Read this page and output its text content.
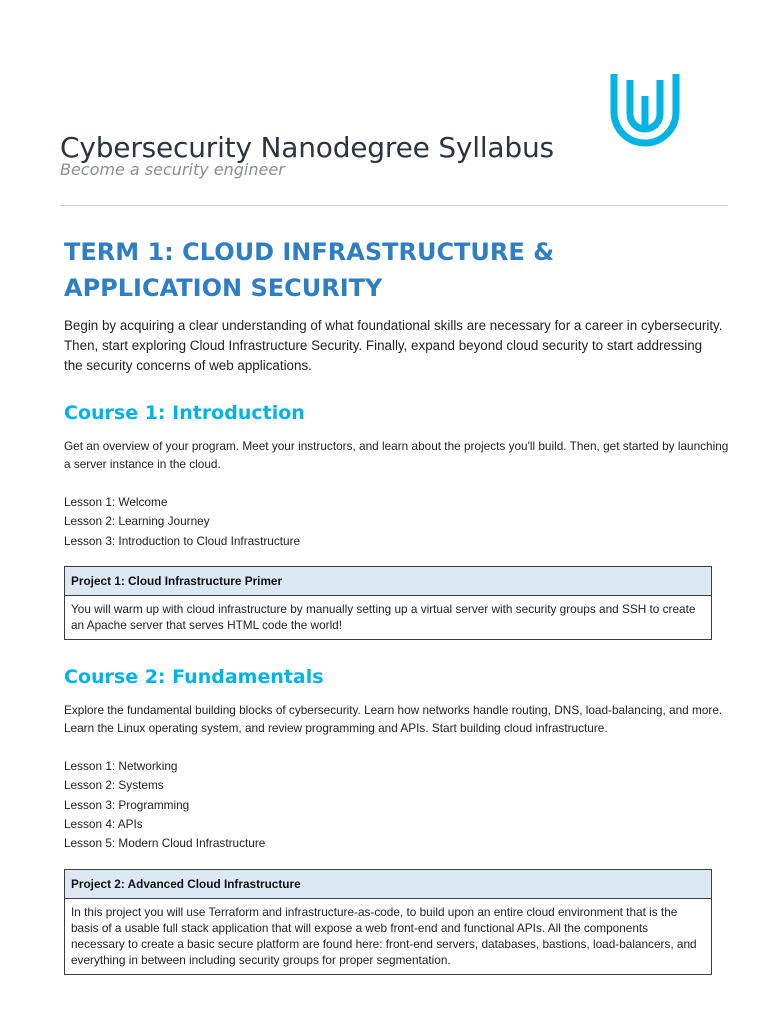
Cybersecurity Nanodegree Syllabus
Become a security engineer
TERM 1: CLOUD INFRASTRUCTURE & APPLICATION SECURITY

Begin by acquiring a clear understanding of what foundational skills are necessary for a career in cybersecurity. Then, start exploring Cloud Infrastructure Security. Finally, expand beyond cloud security to start addressing the security concerns of web applications.

Course 1: Introduction

Get an overview of your program. Meet your instructors, and learn about the projects you'll build. Then, get started by launching a server instance in the cloud.

Lesson 1: Welcome
Lesson 2: Learning Journey
Lesson 3: Introduction to Cloud Infrastructure
Project 1: Cloud Infrastructure Primer
You will warm up with cloud infrastructure by manually setting up a virtual server with security groups and SSH to create an Apache server that serves HTML code the world!
Course 2: Fundamentals

Explore the fundamental building blocks of cybersecurity. Learn how networks handle routing, DNS, load-balancing, and more. Learn the Linux operating system, and review programming and APIs. Start building cloud infrastructure.

Lesson 1: Networking
Lesson 2: Systems
Lesson 3: Programming
Lesson 4: APIs
Lesson 5: Modern Cloud Infrastructure
Project 2: Advanced Cloud Infrastructure
In this project you will use Terraform and infrastructure-as-code, to build upon an entire cloud environment that is the basis of a usable full stack application that will expose a web front-end and functional APIs. All the components necessary to create a basic secure platform are found here: front-end servers, databases, bastions, load-balancers, and everything in between including security groups for proper segmentation.
